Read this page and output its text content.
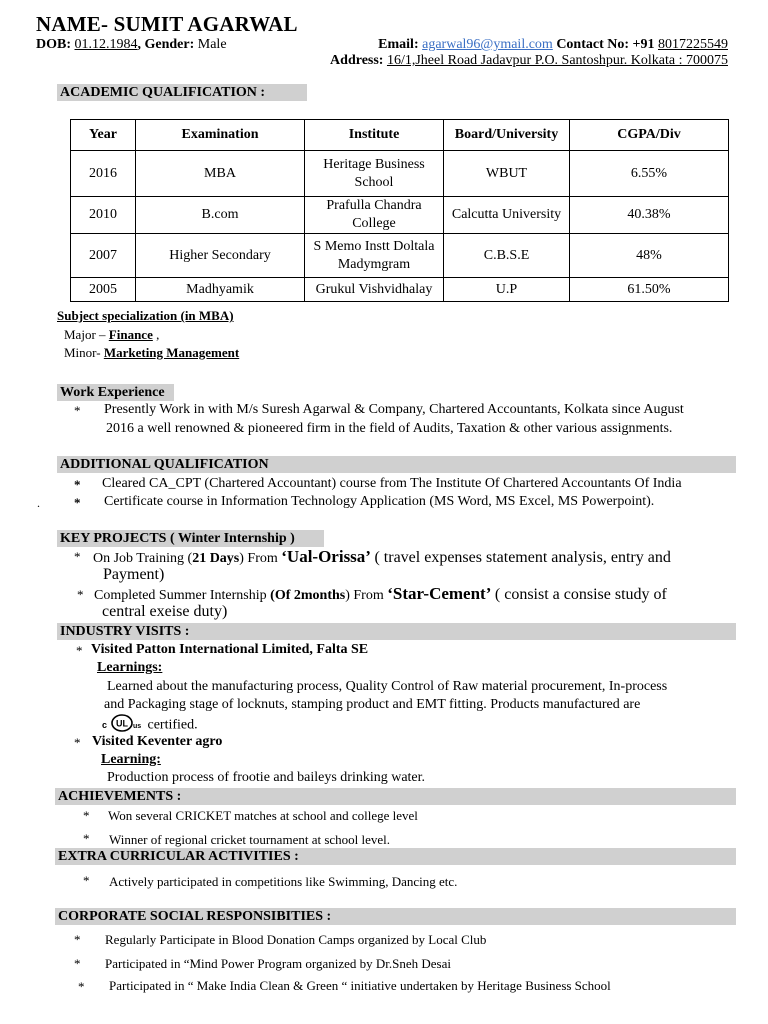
NAME- SUMIT AGARWAL
DOB: 01.12.1984, Gender: Male	Email: agarwal96@ymail.com Contact No: +91 8017225549
Address: 16/1,Jheel Road Jadavpur P.O. Santoshpur. Kolkata : 700075
ACADEMIC QUALIFICATION :
Year	Examination	Institute	Board/University	CGPA/Div
2016	MBA	Heritage Business School	WBUT	6.55%
2010	B.com	Prafulla Chandra College	Calcutta University	40.38%
2007	Higher Secondary	S Memo Instt Doltala Madymgram	C.B.S.E	48%
2005	Madhyamik	Grukul Vishvidhalay	U.P	61.50%
Subject specialization (in MBA)
Major – Finance ,
Minor- Marketing Management
Work Experience
* Presently Work in with M/s Suresh Agarwal & Company, Chartered Accountants, Kolkata since August
2016 a well renowned & pioneered firm in the field of Audits, Taxation & other various assignments.
ADDITIONAL QUALIFICATION
* Cleared CA_CPT (Chartered Accountant) course from The Institute Of Chartered Accountants Of India
.	* Certificate course in Information Technology Application (MS Word, MS Excel, MS Powerpoint).
KEY PROJECTS ( Winter Internship )
* On Job Training (21 Days) From ‘Ual-Orissa’ ( travel expenses statement analysis, entry and
Payment)
* Completed Summer Internship (Of 2months) From ‘Star-Cement’ ( consist a consise study of
central exeise duty)
INDUSTRY VISITS :
* Visited Patton International Limited, Falta SE
Learnings:
Learned about the manufacturing process, Quality Control of Raw material procurement, In-process
and Packaging stage of locknuts, stamping product and EMT fitting. Products manufactured are
c UL us certified.
* Visited Keventer agro
Learning:
Production process of frootie and baileys drinking water.
ACHIEVEMENTS :
* Won several CRICKET matches at school and college level
* Winner of regional cricket tournament at school level.
EXTRA CURRICULAR ACTIVITIES :
* Actively participated in competitions like Swimming, Dancing etc.
CORPORATE SOCIAL RESPONSIBITIES :
* Regularly Participate in Blood Donation Camps organized by Local Club
* Participated in “Mind Power Program organized by Dr.Sneh Desai
* Participated in “ Make India Clean & Green “ initiative undertaken by Heritage Business School
